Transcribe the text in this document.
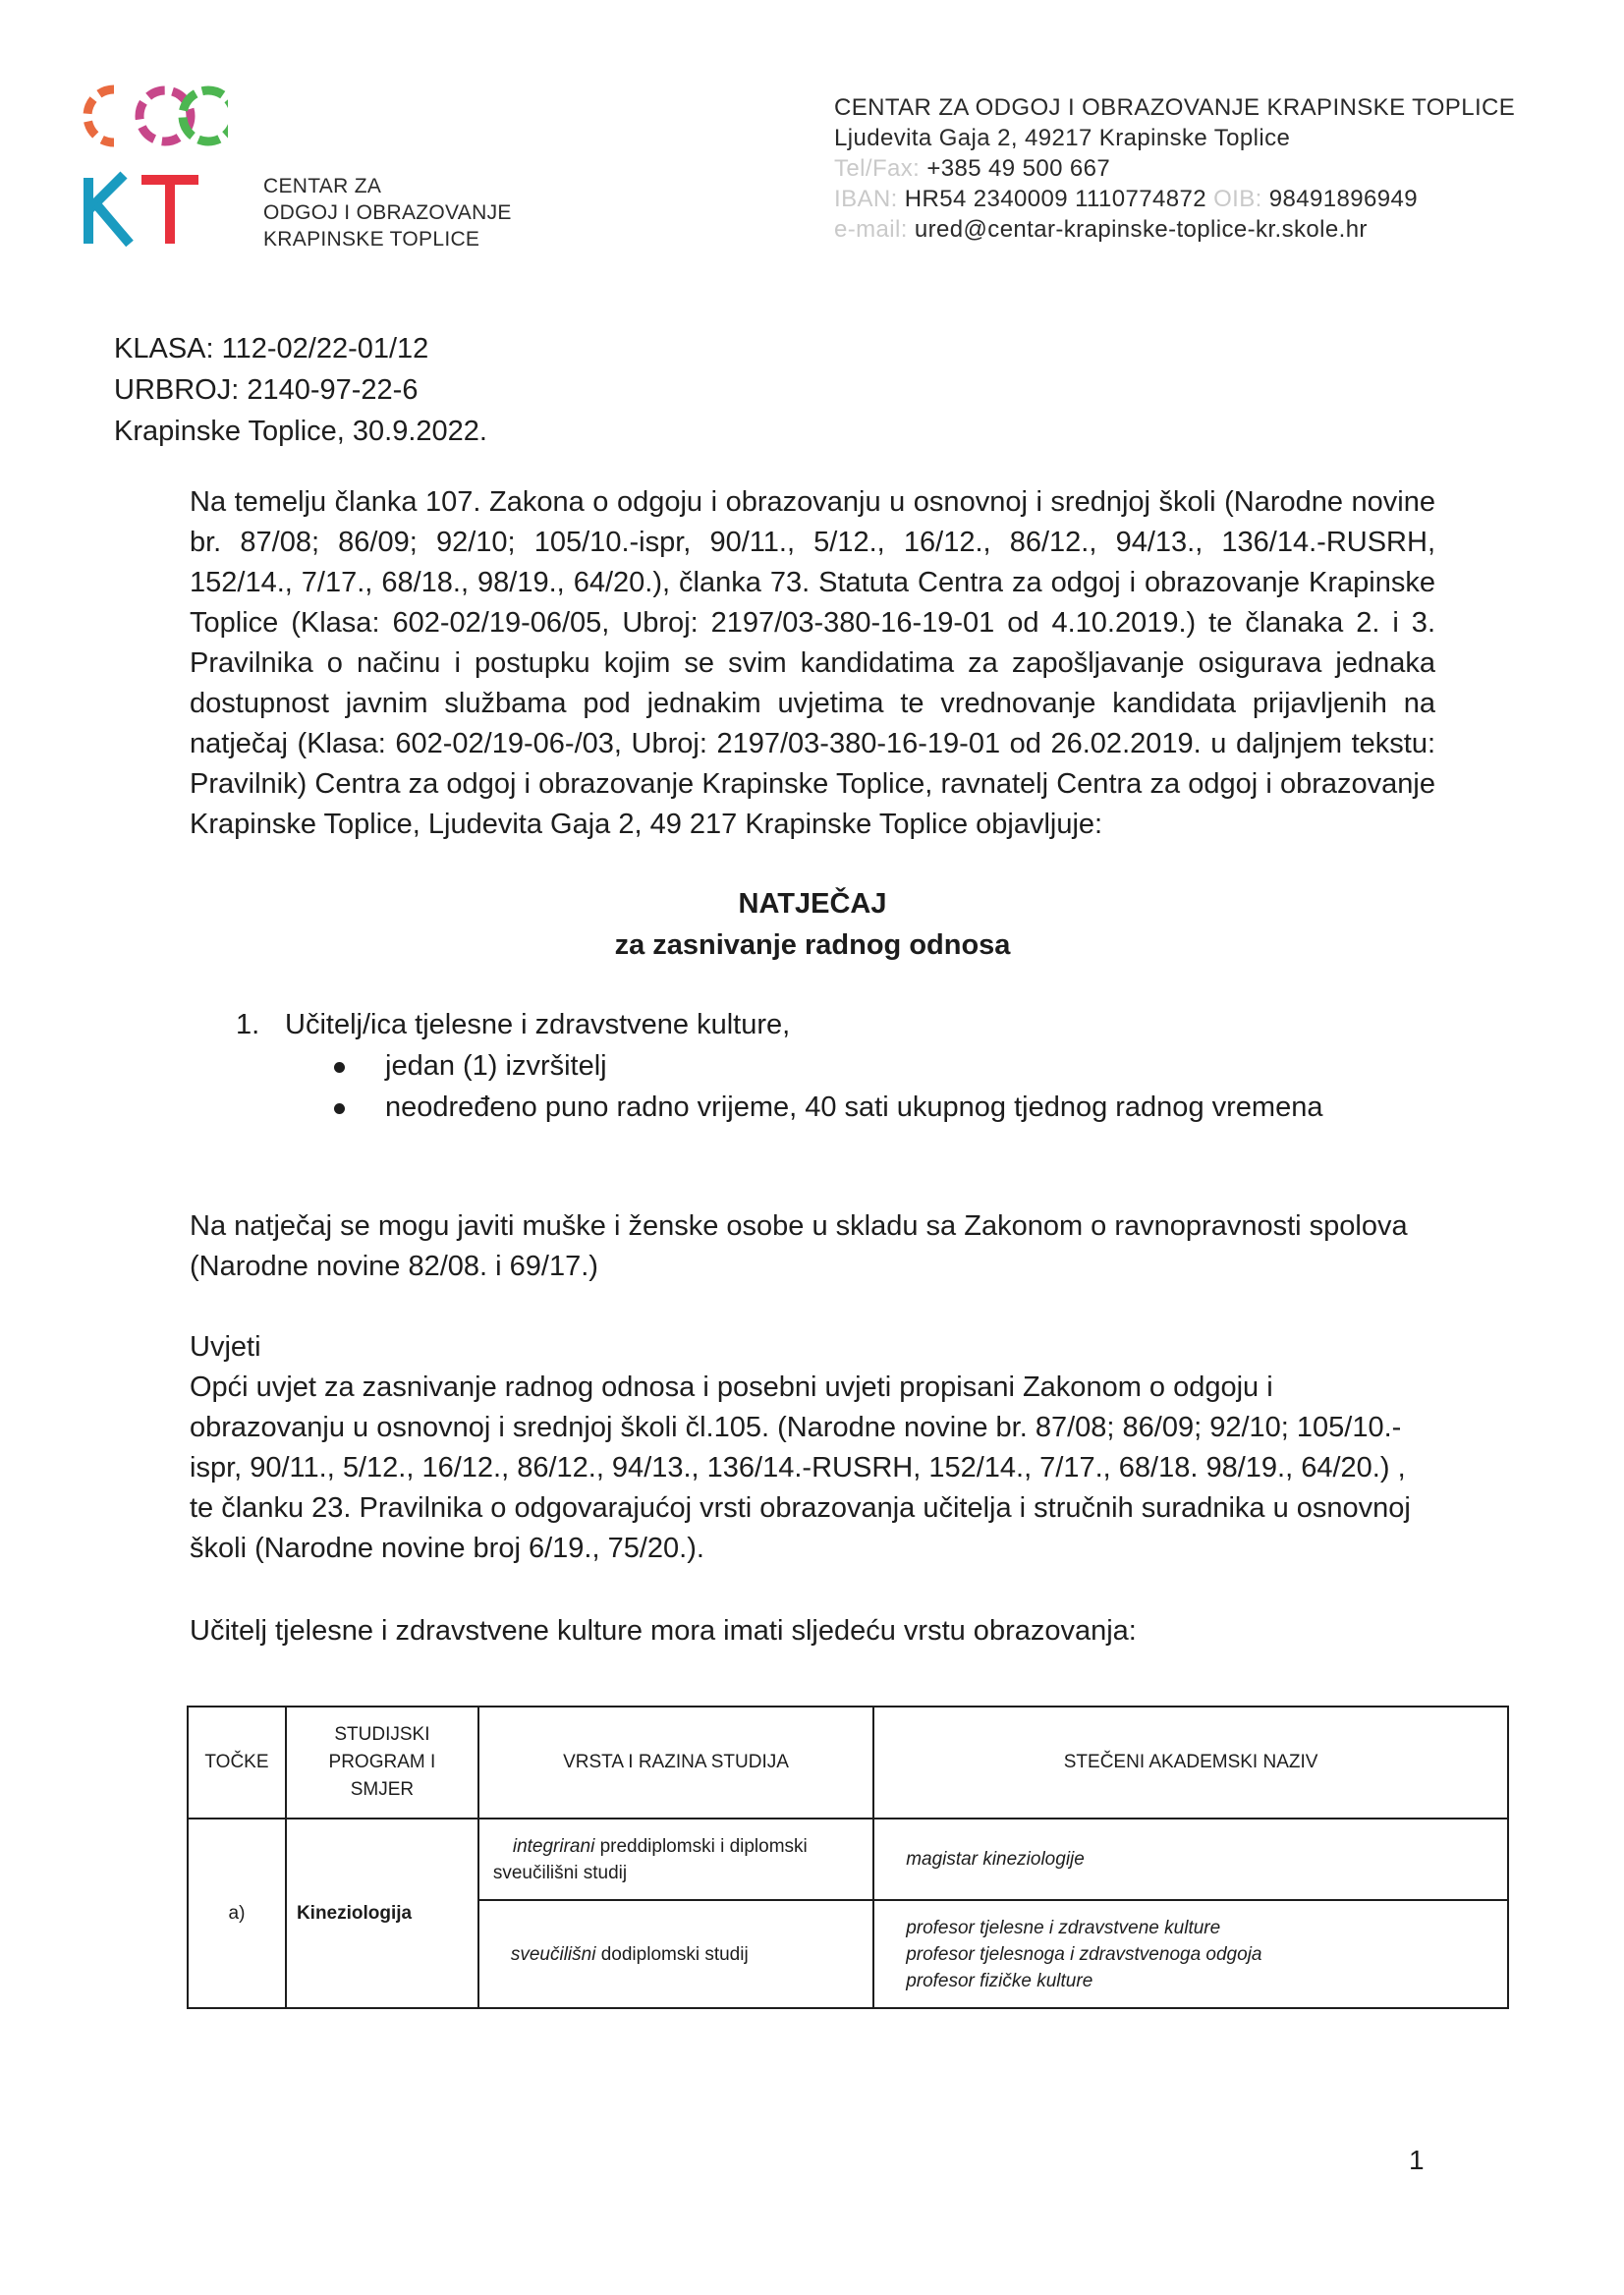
CENTAR ZA
ODGOJ I OBRAZOVANJE
KRAPINSKE TOPLICE
CENTAR ZA ODGOJ I OBRAZOVANJE KRAPINSKE TOPLICE
Ljudevita Gaja 2, 49217 Krapinske Toplice
Tel/Fax: +385 49 500 667
IBAN: HR54 2340009 1110774872 OIB: 98491896949
e-mail: ured@centar-krapinske-toplice-kr.skole.hr
KLASA: 112-02/22-01/12
URBROJ: 2140-97-22-6
Krapinske Toplice, 30.9.2022.
Na temelju članka 107. Zakona o odgoju i obrazovanju u osnovnoj i srednjoj školi (Narodne novine br. 87/08; 86/09; 92/10; 105/10.-ispr, 90/11., 5/12., 16/12., 86/12., 94/13., 136/14.-RUSRH, 152/14., 7/17., 68/18., 98/19., 64/20.), članka 73. Statuta Centra za odgoj i obrazovanje Krapinske Toplice (Klasa: 602-02/19-06/05, Ubroj: 2197/03-380-16-19-01 od 4.10.2019.) te članaka 2. i 3. Pravilnika o načinu i postupku kojim se svim kandidatima za zapošljavanje osigurava jednaka dostupnost javnim službama pod jednakim uvjetima te vrednovanje kandidata prijavljenih na natječaj (Klasa: 602-02/19-06-/03, Ubroj: 2197/03-380-16-19-01 od 26.02.2019. u daljnjem tekstu: Pravilnik) Centra za odgoj i obrazovanje Krapinske Toplice, ravnatelj Centra za odgoj i obrazovanje Krapinske Toplice, Ljudevita Gaja 2, 49 217 Krapinske Toplice objavljuje:
NATJEČAJ
za zasnivanje radnog odnosa
1. Učitelj/ica tjelesne i zdravstvene kulture,
jedan (1) izvršitelj
neodređeno puno radno vrijeme, 40 sati ukupnog tjednog radnog vremena
Na natječaj se mogu javiti muške i ženske osobe u skladu sa Zakonom o ravnopravnosti spolova (Narodne novine 82/08. i 69/17.)
Uvjeti
Opći uvjet za zasnivanje radnog odnosa i posebni uvjeti propisani Zakonom o odgoju i obrazovanju u osnovnoj i srednjoj školi čl.105. (Narodne novine br. 87/08; 86/09; 92/10; 105/10.-ispr, 90/11., 5/12., 16/12., 86/12., 94/13., 136/14.-RUSRH, 152/14., 7/17., 68/18. 98/19., 64/20.) , te članku 23. Pravilnika o odgovarajućoj vrsti obrazovanja učitelja i stručnih suradnika u osnovnoj školi (Narodne novine broj 6/19., 75/20.).
Učitelj tjelesne i zdravstvene kulture mora imati sljedeću vrstu obrazovanja:
TOČKE	STUDIJSKI PROGRAM I SMJER	VRSTA I RAZINA STUDIJA	STEČENI AKADEMSKI NAZIV
a)	Kineziologija	integrirani preddiplomski i diplomski sveučilišni studij	magistar kineziologije

		sveučilišni dodiplomski studij	profesor tjelesne i zdravstvene kulture
profesor tjelesnoga i zdravstvenoga odgoja
profesor fizičke kulture
1
